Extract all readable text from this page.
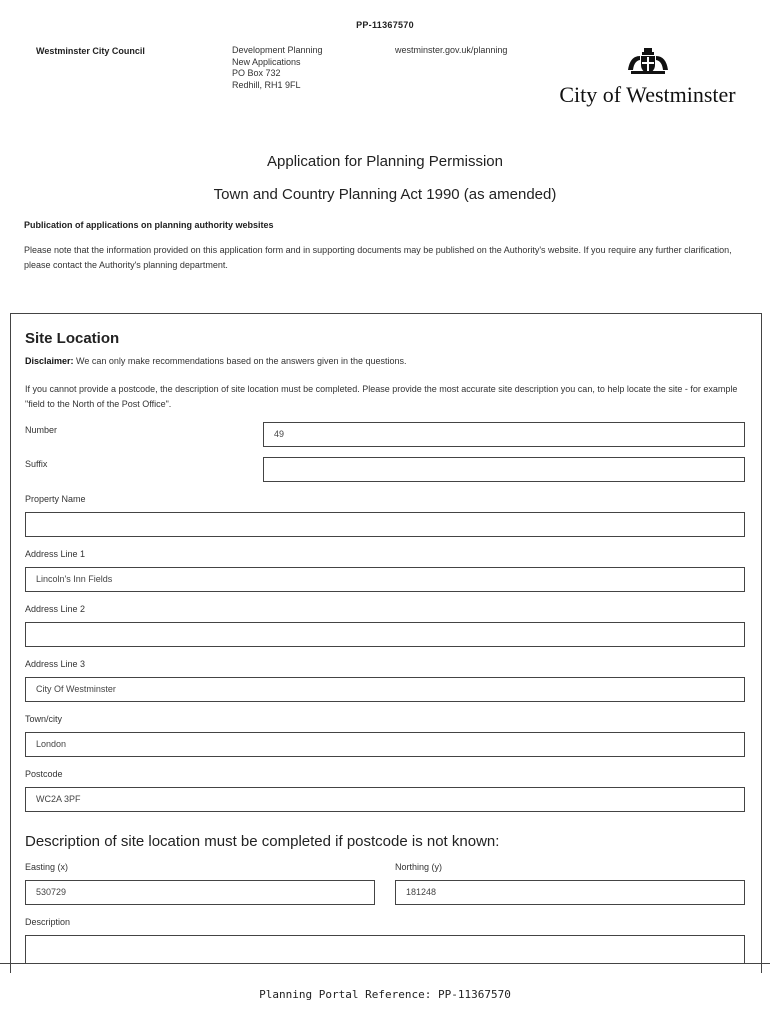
PP-11367570
Westminster City Council	Development Planning
New Applications
PO Box 732
Redhill, RH1 9FL
westminster.gov.uk/planning
City of Westminster
Application for Planning Permission
Town and Country Planning Act 1990 (as amended)
Publication of applications on planning authority websites
Please note that the information provided on this application form and in supporting documents may be published on the Authority's website. If you require any further clarification, please contact the Authority's planning department.
Site Location
Disclaimer: We can only make recommendations based on the answers given in the questions.
If you cannot provide a postcode, the description of site location must be completed. Please provide the most accurate site description you can, to help locate the site - for example "field to the North of the Post Office".
Number	49
Suffix
Property Name
Address Line 1
Lincoln's Inn Fields
Address Line 2
Address Line 3
City Of Westminster
Town/city
London
Postcode
WC2A 3PF
Description of site location must be completed if postcode is not known:
Easting (x)
530729
Northing (y)
181248
Description
Planning Portal Reference: PP-11367570
